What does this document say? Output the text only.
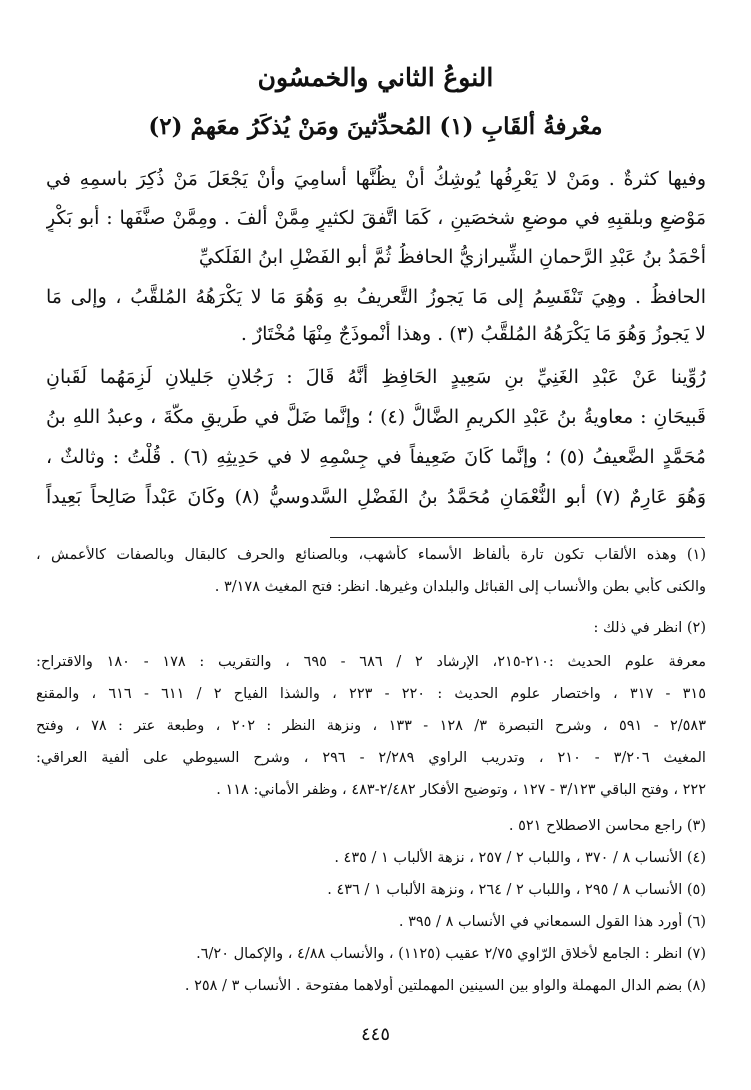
النوعُ الثاني والخمسُون
معْرفةُ ألقَابِ (١) المُحدِّثينَ ومَنْ يُذكَرُ معَهمْ (٢)
وفيها كثرةٌ . ومَنْ لا يَعْرِفُها يُوشِكُ أنْ يظُنَّها أسامِيَ وأنْ يَجْعَلَ مَنْ ذُكِرَ باسمِهِ في
مَوْضعٍ وبلقبِهِ في موضعٍ شخصَينِ ، كَمَا اتَّفقَ لكثيرٍ مِمَّنْ ألفَ . ومِمَّنْ صنَّفَها : أبو بَكْرٍ
أحْمَدُ بنُ عَبْدِ الرَّحمانِ الشِّيرازيُّ الحافظُ ثُمَّ أبو الفَضْلِ ابنُ الفَلَكيِّ
الحافظُ . وهِيَ تَنْقَسِمُ إلى مَا يَجوزُ التَّعريفُ بهِ وَهُوَ مَا لا يَكْرَهُهُ المُلقَّبُ ، وإلى مَا
لا يَجوزُ وَهُوَ مَا يَكْرَهُهُ المُلقَّبُ (٣) . وهذا أُنْموذَجٌ مِنْهَا مُخْتَارٌ .
رُوِّينا عَنْ عَبْدِ الغَنِيِّ بنِ سَعِيدٍ الحَافِظِ أنَّهُ قَالَ : رَجُلانِ جَليلانِ لَزِمَهُما لَقَبانِ
قَبيحَانِ : معاويةُ بنُ عَبْدِ الكريمِ الضَّالُّ (٤) ؛ وإنَّما ضَلَّ في طَريقِ مكَّةَ ، وعبدُ اللهِ بنُ
مُحَمَّدٍ الضَّعيفُ (٥) ؛ وإنَّما كَانَ ضَعِيفاً في جِسْمِهِ لا في حَدِيثِهِ (٦) . قُلْتُ : وثالثٌ ،
وَهُوَ عَارِمٌ (٧) أبو النُّعْمَانِ مُحَمَّدُ بنُ الفَضْلِ السَّدوسيُّ (٨) وكَانَ عَبْداً صَالِحاً بَعِيداً
(١) وهذه الألقاب تكون تارة بألفاظ الأسماء كأشهب، وبالصنائع والحرف كالبقال وبالصفات كالأعمش ،
والكنى كأبي بطن والأنساب إلى القبائل والبلدان وغيرها. انظر: فتح المغيث ٣/١٧٨ .
(٢) انظر في ذلك :
معرفة علوم الحديث :٢١٠-٢١٥، الإرشاد ٢ / ٦٨٦ - ٦٩٥ ، والتقريب : ١٧٨ - ١٨٠ والاقتراح:
٣١٥ - ٣١٧ ، واختصار علوم الحديث : ٢٢٠ - ٢٢٣ ، والشذا الفياح ٢ / ٦١١ - ٦١٦ ، والمقنع
٢/٥٨٣ - ٥٩١ ، وشرح التبصرة ٣/ ١٢٨ - ١٣٣ ، ونزهة النظر : ٢٠٢ ، وطبعة عتر : ٧٨ ، وفتح
المغيث ٣/٢٠٦ - ٢١٠ ، وتدريب الراوي ٢/٢٨٩ - ٢٩٦ ، وشرح السيوطي على ألفية العراقي:
٢٢٢ ، وفتح الباقي ٣/١٢٣ - ١٢٧ ، وتوضيح الأفكار ٢/٤٨٢-٤٨٣ ، وظفر الأماني: ١١٨ .
(٣) راجع محاسن الاصطلاح ٥٢١ .
(٤) الأنساب ٨ / ٣٧٠ ، واللباب ٢ / ٢٥٧ ، نزهة الألباب ١ / ٤٣٥ .
(٥) الأنساب ٨ / ٢٩٥ ، واللباب ٢ / ٢٦٤ ، ونزهة الألباب ١ / ٤٣٦ .
(٦) أورد هذا القول السمعاني في الأنساب ٨ / ٣٩٥ .
(٧) انظر : الجامع لأخلاق الرّاوي ٢/٧٥ عقيب (١١٢٥) ، والأنساب ٤/٨٨ ، والإكمال ٦/٢٠.
(٨) بضم الدال المهملة والواو بين السينين المهملتين أولاهما مفتوحة . الأنساب ٣ / ٢٥٨ .
٤٤٥
